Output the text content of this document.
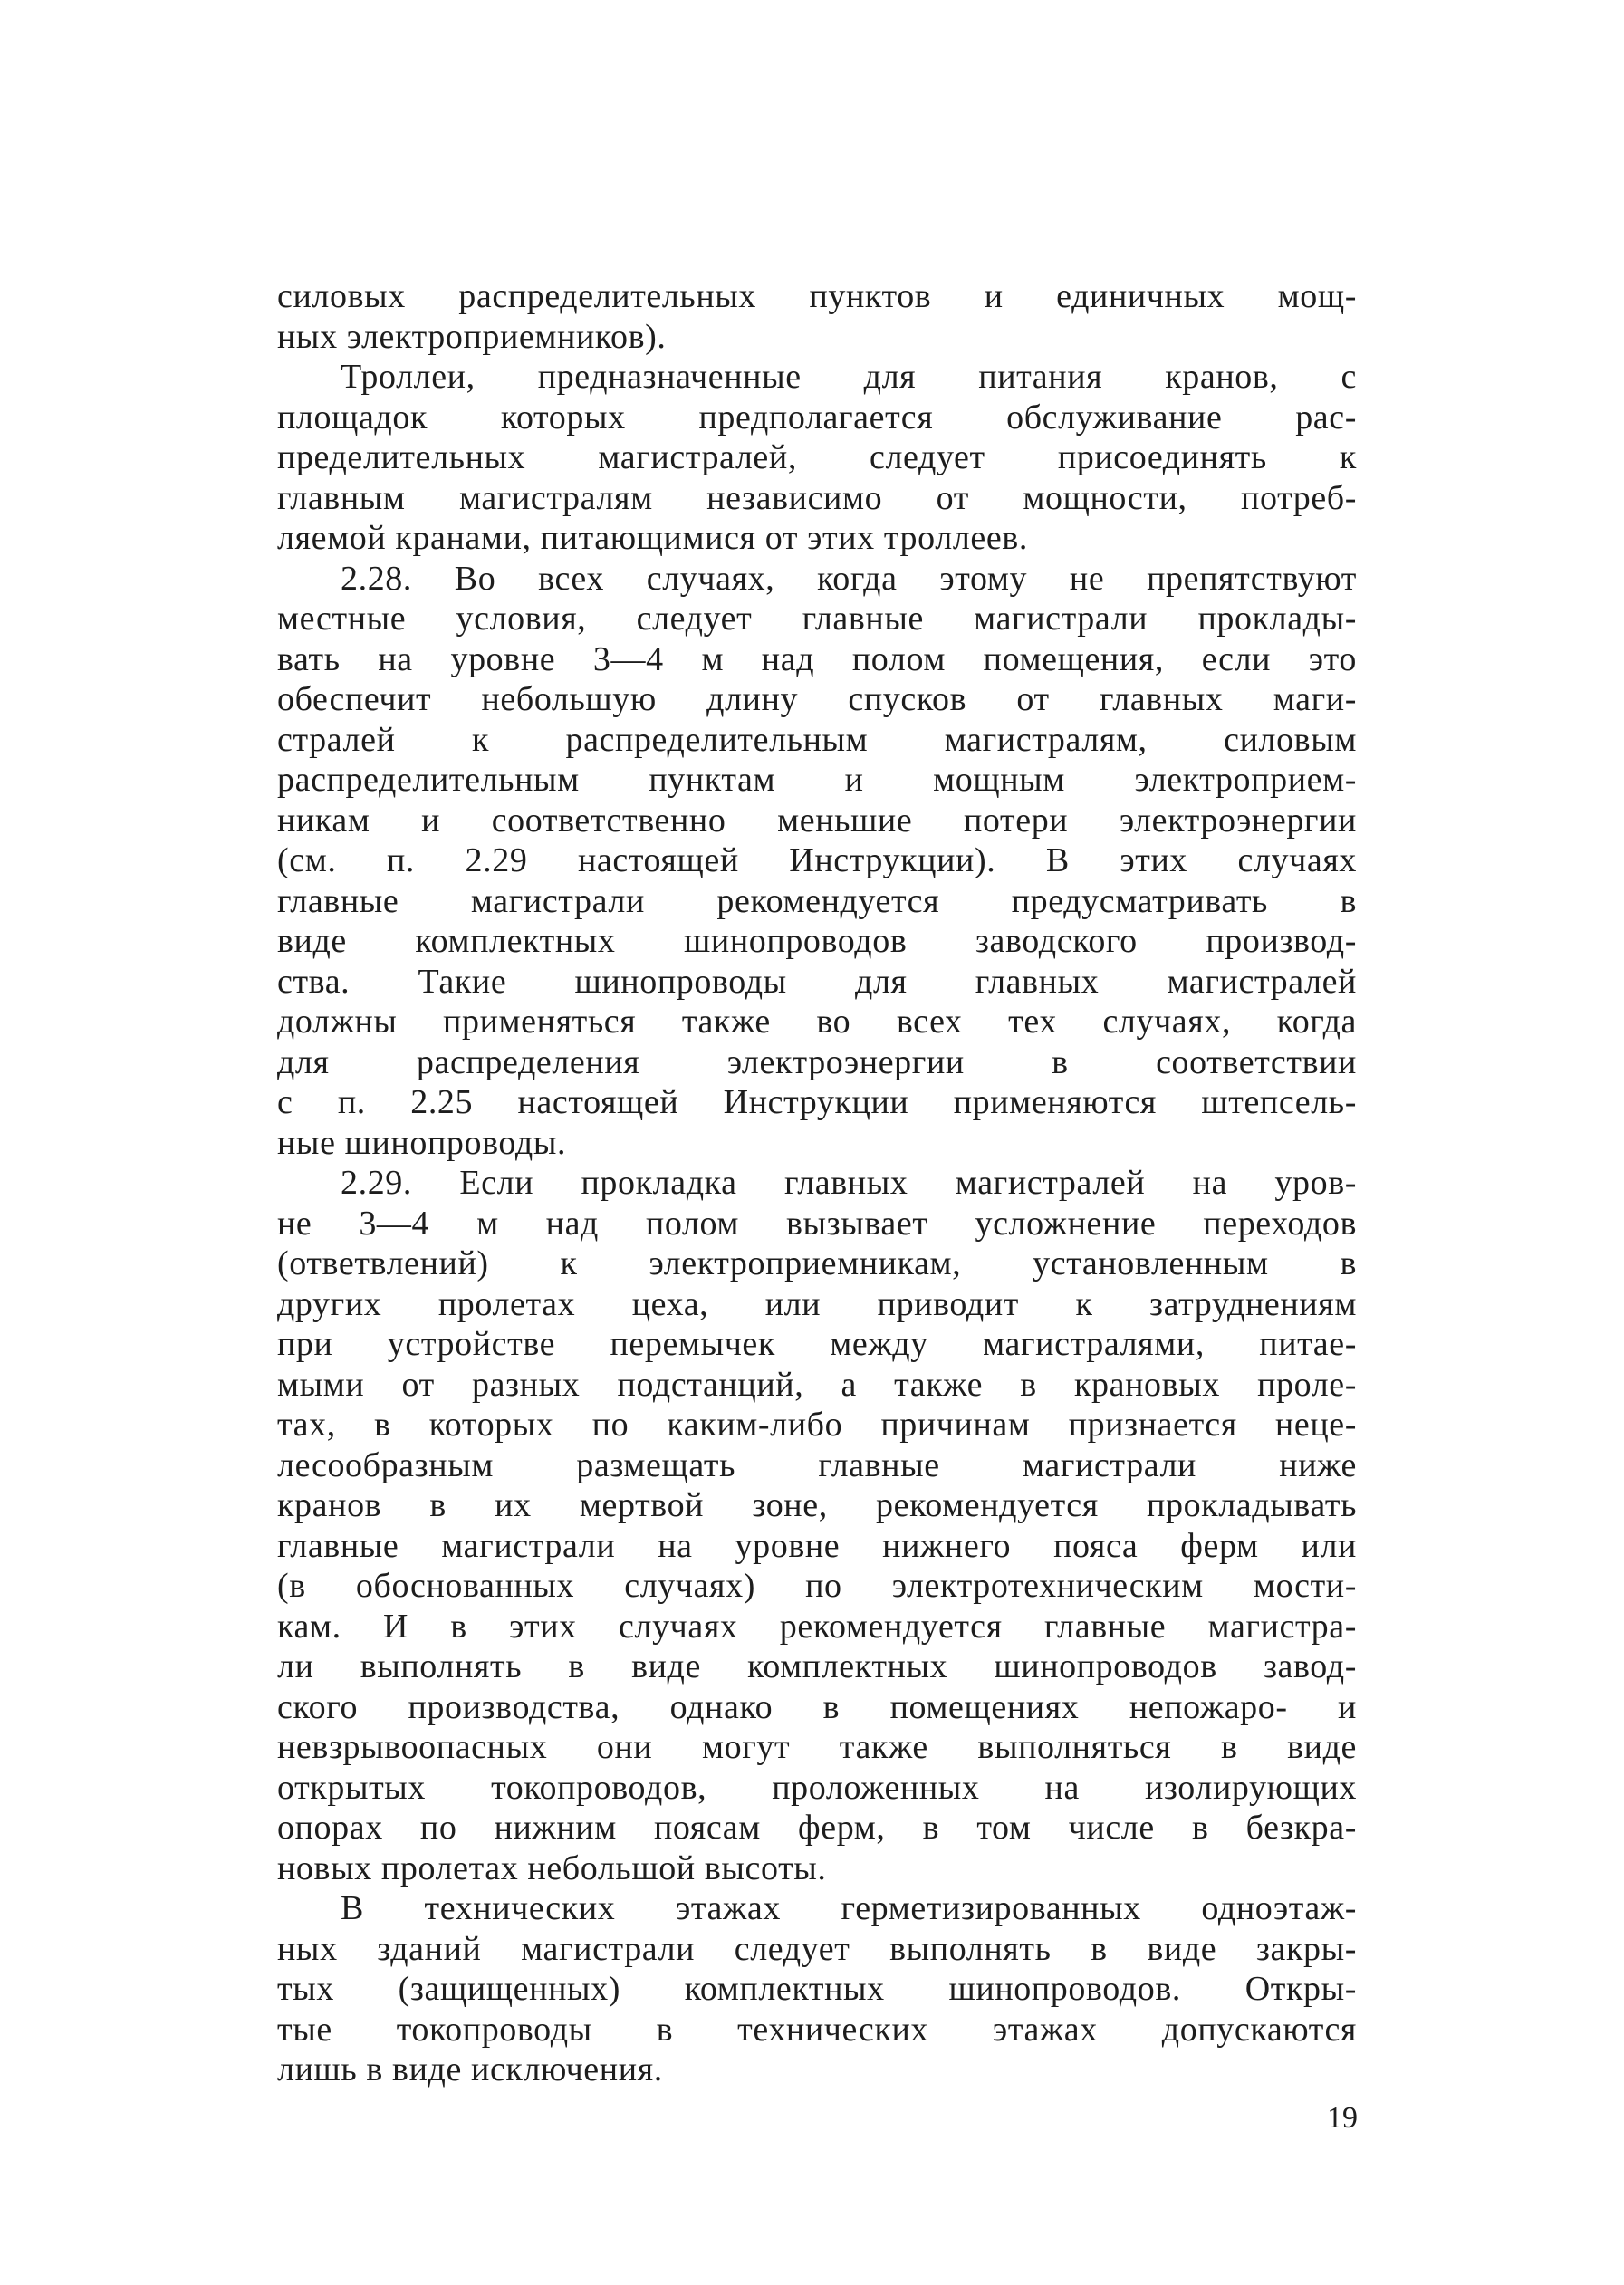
силовых распределительных пунктов и единичных мощ-
ных электроприемников).
Троллеи, предназначенные для питания кранов, с
площадок которых предполагается обслуживание рас-
пределительных магистралей, следует присоединять к
главным магистралям независимо от мощности, потреб-
ляемой кранами, питающимися от этих троллеев.
2.28. Во всех случаях, когда этому не препятствуют
местные условия, следует главные магистрали проклады-
вать на уровне 3—4 м над полом помещения, если это
обеспечит небольшую длину спусков от главных маги-
стралей к распределительным магистралям, силовым
распределительным пунктам и мощным электроприем-
никам и соответственно меньшие потери электроэнергии
(см. п. 2.29 настоящей Инструкции). В этих случаях
главные магистрали рекомендуется предусматривать в
виде комплектных шинопроводов заводского производ-
ства. Такие шинопроводы для главных магистралей
должны применяться также во всех тех случаях, когда
для распределения электроэнергии в соответствии
с п. 2.25 настоящей Инструкции применяются штепсель-
ные шинопроводы.
2.29. Если прокладка главных магистралей на уров-
не 3—4 м над полом вызывает усложнение переходов
(ответвлений) к электроприемникам, установленным в
других пролетах цеха, или приводит к затруднениям
при устройстве перемычек между магистралями, питае-
мыми от разных подстанций, а также в крановых проле-
тах, в которых по каким-либо причинам признается неце-
лесообразным размещать главные магистрали ниже
кранов в их мертвой зоне, рекомендуется прокладывать
главные магистрали на уровне нижнего пояса ферм или
(в обоснованных случаях) по электротехническим мости-
кам. И в этих случаях рекомендуется главные магистра-
ли выполнять в виде комплектных шинопроводов завод-
ского производства, однако в помещениях непожаро- и
невзрывоопасных они могут также выполняться в виде
открытых токопроводов, проложенных на изолирующих
опорах по нижним поясам ферм, в том числе в безкра-
новых пролетах небольшой высоты.
В технических этажах герметизированных одноэтаж-
ных зданий магистрали следует выполнять в виде закры-
тых (защищенных) комплектных шинопроводов. Откры-
тые токопроводы в технических этажах допускаются
лишь в виде исключения.
19
